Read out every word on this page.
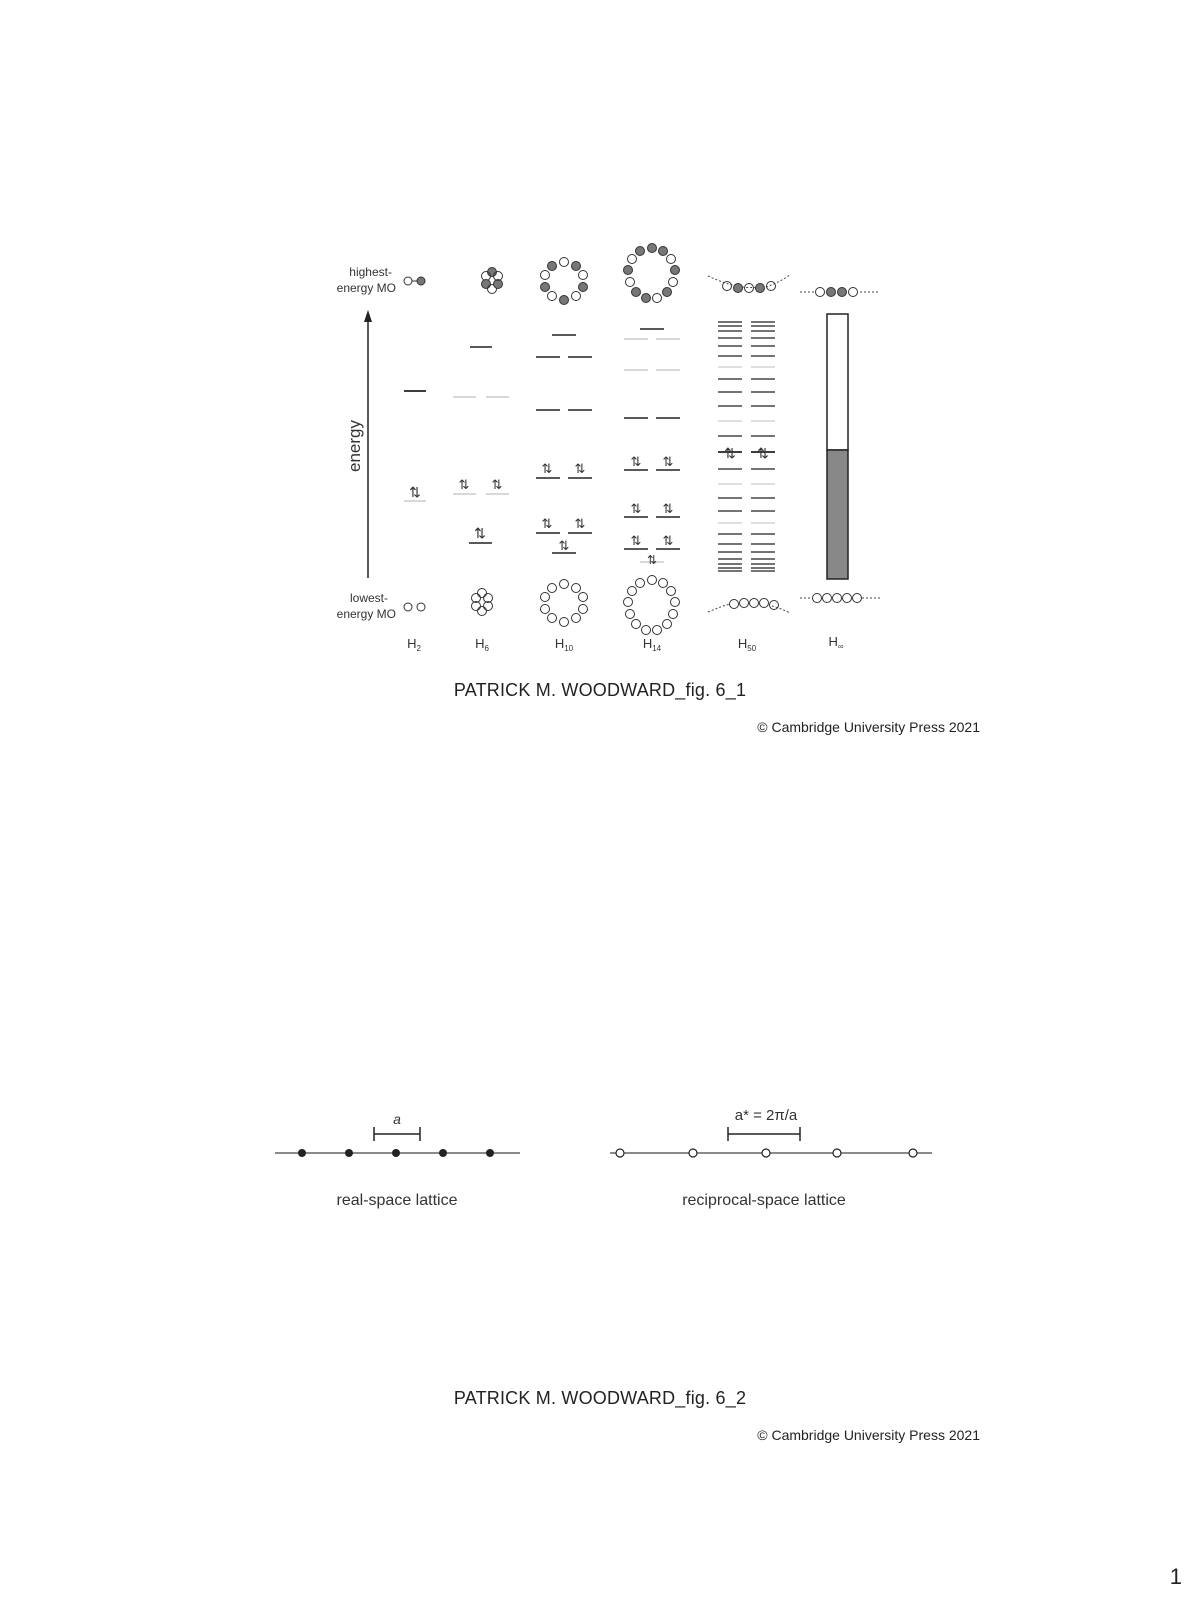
energy
highest-
energy MO
lowest-
energy MO
⇅	⇅ ⇅
⇅
⇅ ⇅
⇅ ⇅
⇅
⇅ ⇅
⇅ ⇅
⇅ ⇅
⇅
⇅ ⇅
$H_2$	$H_6$	$H_{10}$	$H_{14}$	$H_{50}$	$H_\infty$
PATRICK M. WOODWARD_fig. 6_1
© Cambridge University Press 2021
a
real-space lattice
a* = 2π/a
reciprocal-space lattice
PATRICK M. WOODWARD_fig. 6_2
© Cambridge University Press 2021
1
